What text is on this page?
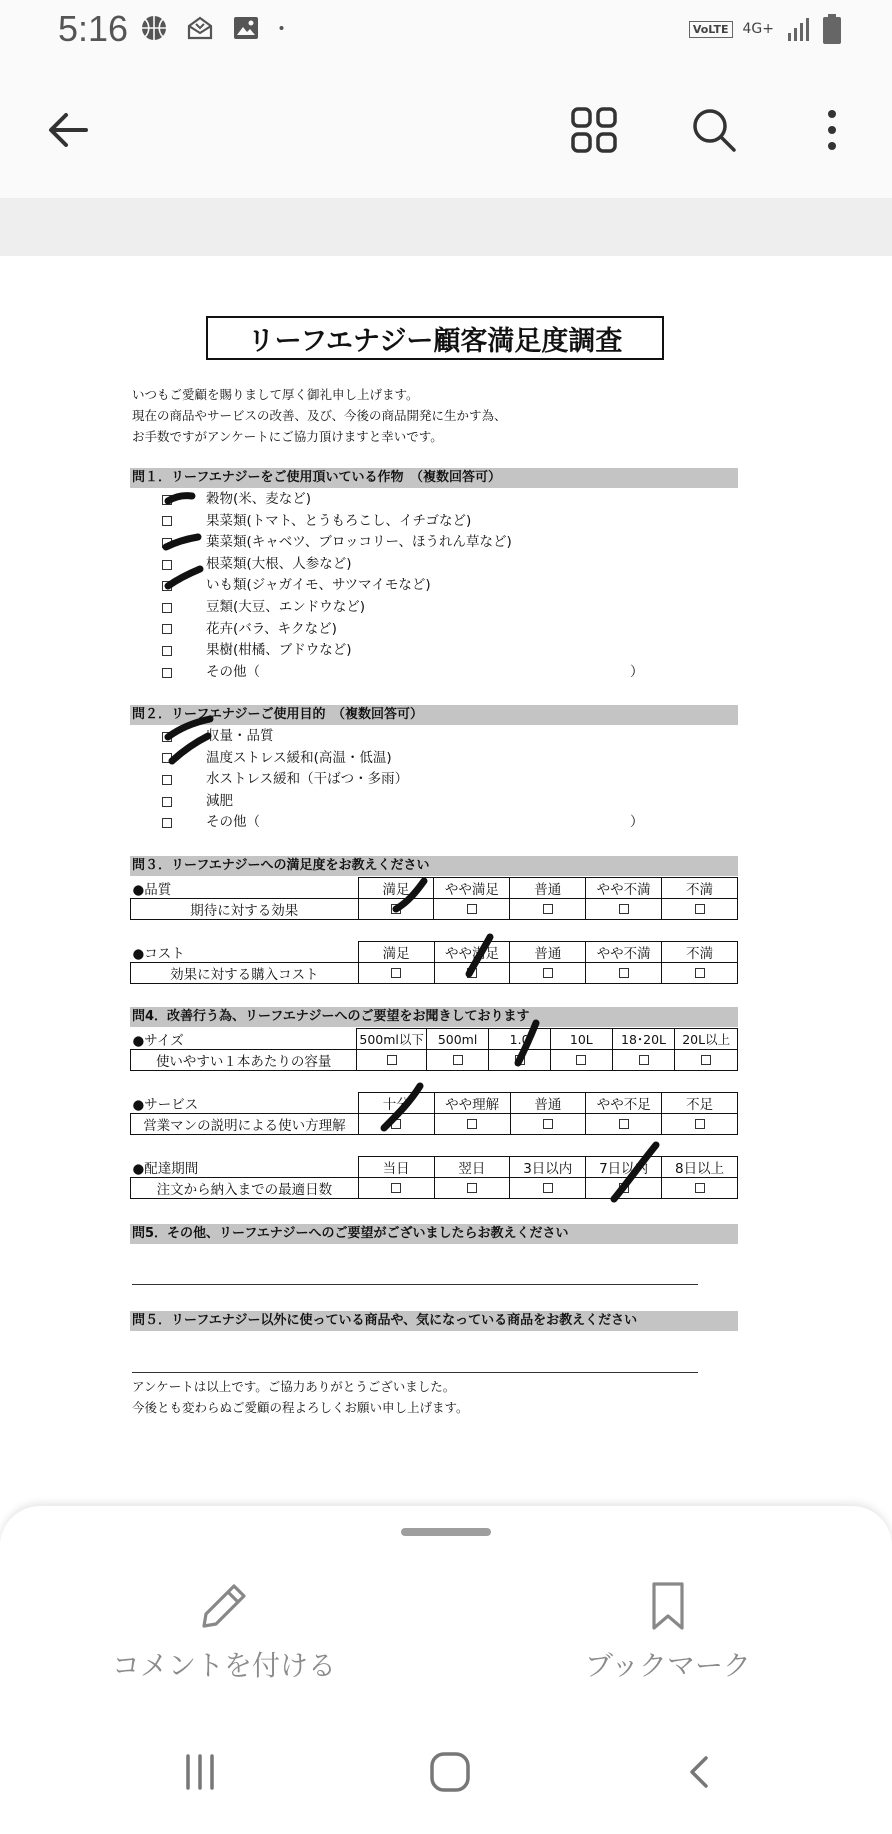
5:16	VoLTE 4G+
リーフエナジー顧客満足度調査
いつもご愛顧を賜りまして厚く御礼申し上げます。
現在の商品やサービスの改善、及び、今後の商品開発に生かす為、
お手数ですがアンケートにご協力頂けますと幸いです。
問１．リーフエナジーをご使用頂いている作物　（複数回答可）
穀物(米、麦など)
果菜類(トマト、とうもろこし、イチゴなど)
葉菜類(キャベツ、ブロッコリー、ほうれん草など)
根菜類(大根、人参など)
いも類(ジャガイモ、サツマイモなど)
豆類(大豆、エンドウなど)
花卉(バラ、キクなど)
果樹(柑橘、ブドウなど)
その他（	）
問２．リーフエナジーご使用目的　（複数回答可）
収量・品質
温度ストレス緩和(高温・低温)
水ストレス緩和（干ばつ・多雨）
減肥
その他（	）
問３．リーフエナジーへの満足度をお教えください
●品質	満足	やや満足	普通	やや不満	不満
期待に対する効果					
●コスト	満足	やや満足	普通	やや不満	不満
効果に対する購入コスト					
問4．改善行う為、リーフエナジーへのご要望をお聞きしております
●サイズ	500ml以下	500ml	1.0	10L	18･20L	20L以上
使いやすい１本あたりの容量						
●サービス	十分	やや理解	普通	やや不足	不足
営業マンの説明による使い方理解					
●配達期間	当日	翌日	3日以内	7日以内	8日以上
注文から納入までの最適日数					
問5．その他、リーフエナジーへのご要望がございましたらお教えください
問５．リーフエナジー以外に使っている商品や、気になっている商品をお教えください
アンケートは以上です。ご協力ありがとうございました。
今後とも変わらぬご愛顧の程よろしくお願い申し上げます。
コメントを付ける	ブックマーク
